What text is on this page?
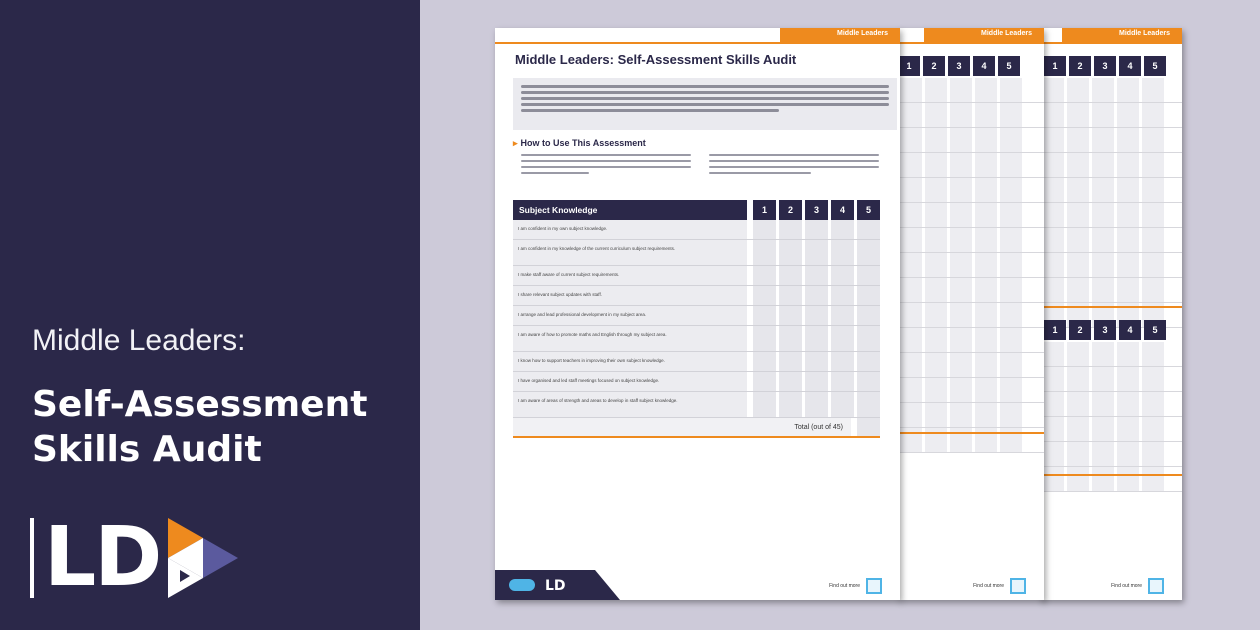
Middle Leaders:
Self-Assessment Skills Audit
LD
Middle Leaders
1	2	3	4	5
1	2	3	4	5
Find out more
Middle Leaders
1	2	3	4	5
Find out more
Middle Leaders
Middle Leaders: Self-Assessment Skills Audit
▸ How to Use This Assessment
Subject Knowledge	1	2	3	4	5
I am confident in my own subject knowledge.
I am confident in my knowledge of the current curriculum subject requirements.
I make staff aware of current subject requirements.
I share relevant subject updates with staff.
I arrange and lead professional development in my subject area.
I am aware of how to promote maths and English through my subject area.
I know how to support teachers in improving their own subject knowledge.
I have organised and led staff meetings focused on subject knowledge.
I am aware of areas of strength and areas to develop in staff subject knowledge.
Total (out of 45)
LD	Find out more
